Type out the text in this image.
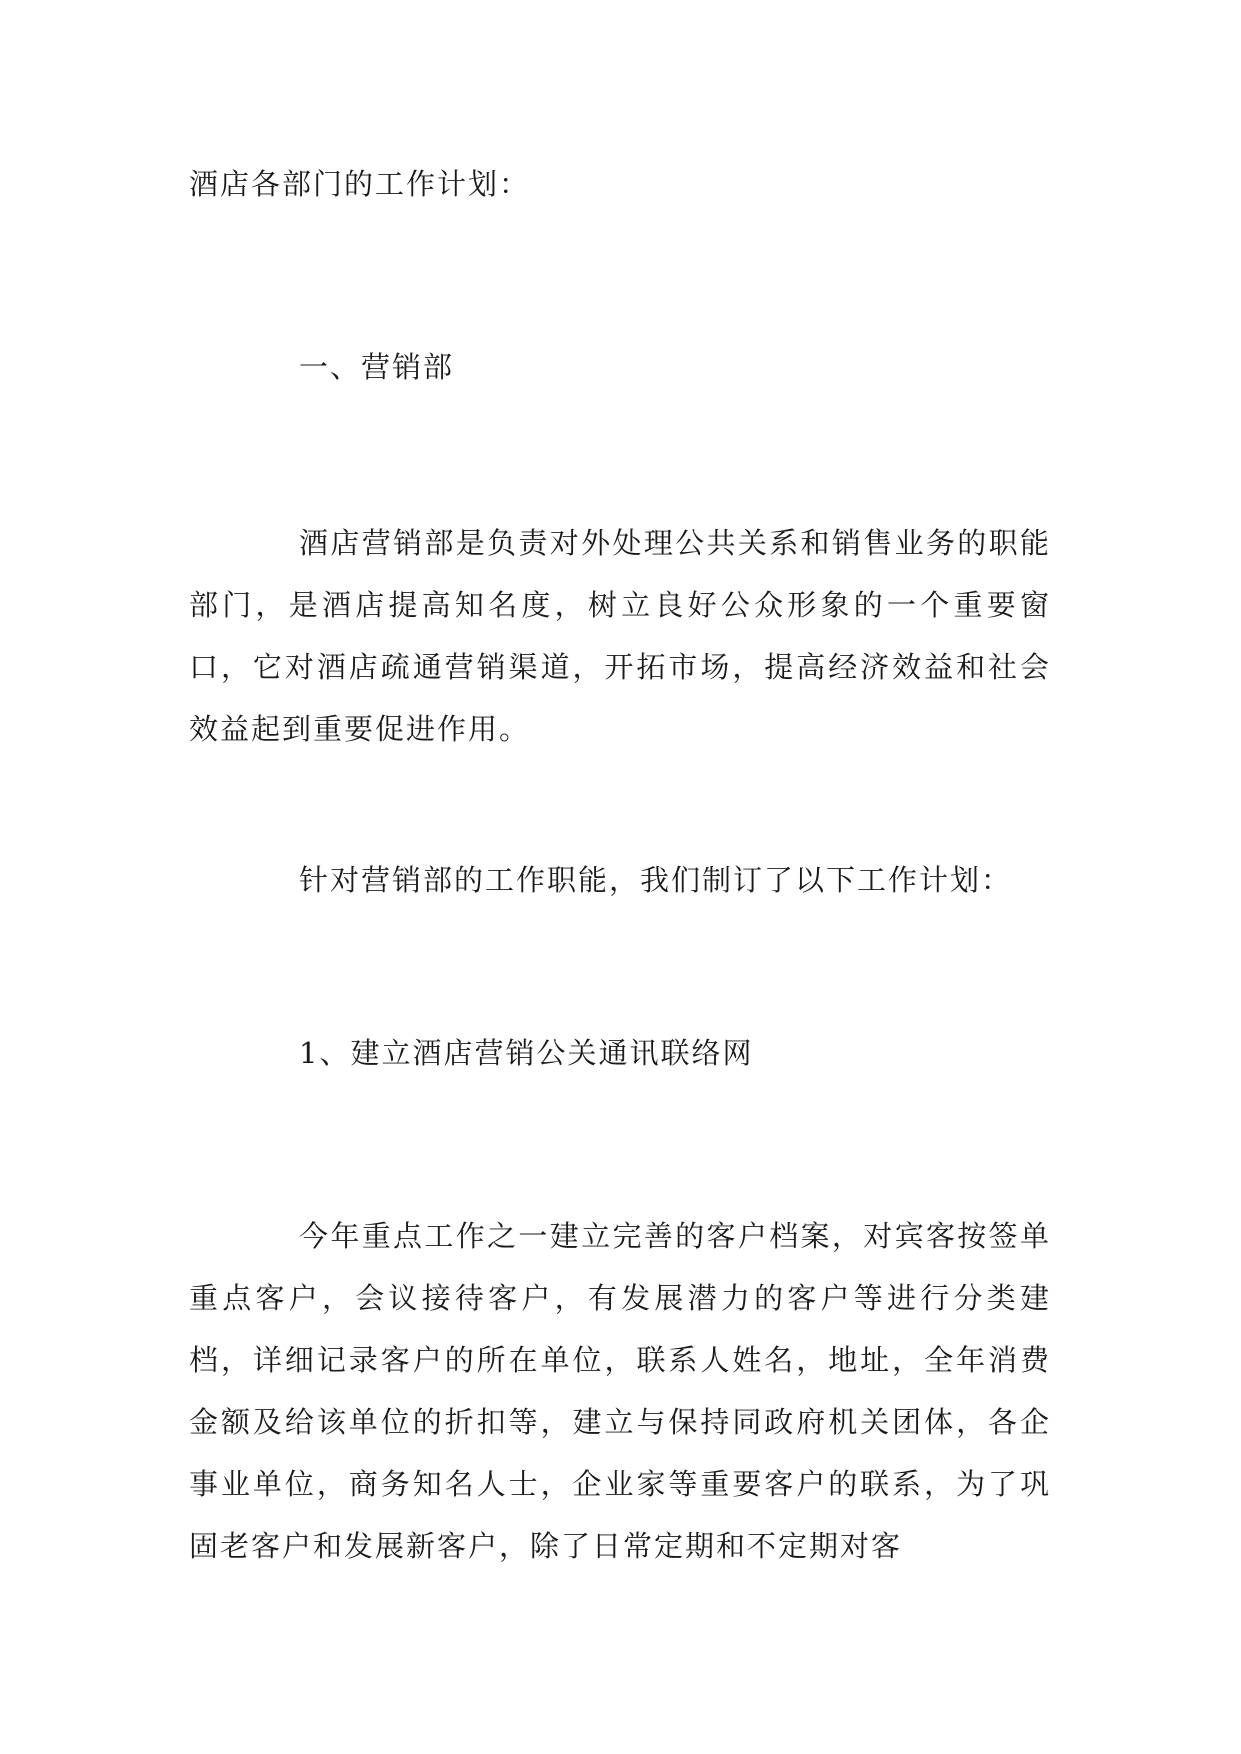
酒店各部门的工作计划：
一、营销部

酒店营销部是负责对外处理公共关系和销售业务的职能部门，是酒店提高知名度，树立良好公众形象的一个重要窗口，它对酒店疏通营销渠道，开拓市场，提高经济效益和社会效益起到重要促进作用。

针对营销部的工作职能，我们制订了以下工作计划：
1、建立酒店营销公关通讯联络网

今年重点工作之一建立完善的客户档案，对宾客按签单重点客户，会议接待客户，有发展潜力的客户等进行分类建档，详细记录客户的所在单位，联系人姓名，地址，全年消费金额及给该单位的折扣等，建立与保持同政府机关团体，各企事业单位，商务知名人士，企业家等重要客户的联系，为了巩固老客户和发展新客户，除了日常定期和不定期对客
